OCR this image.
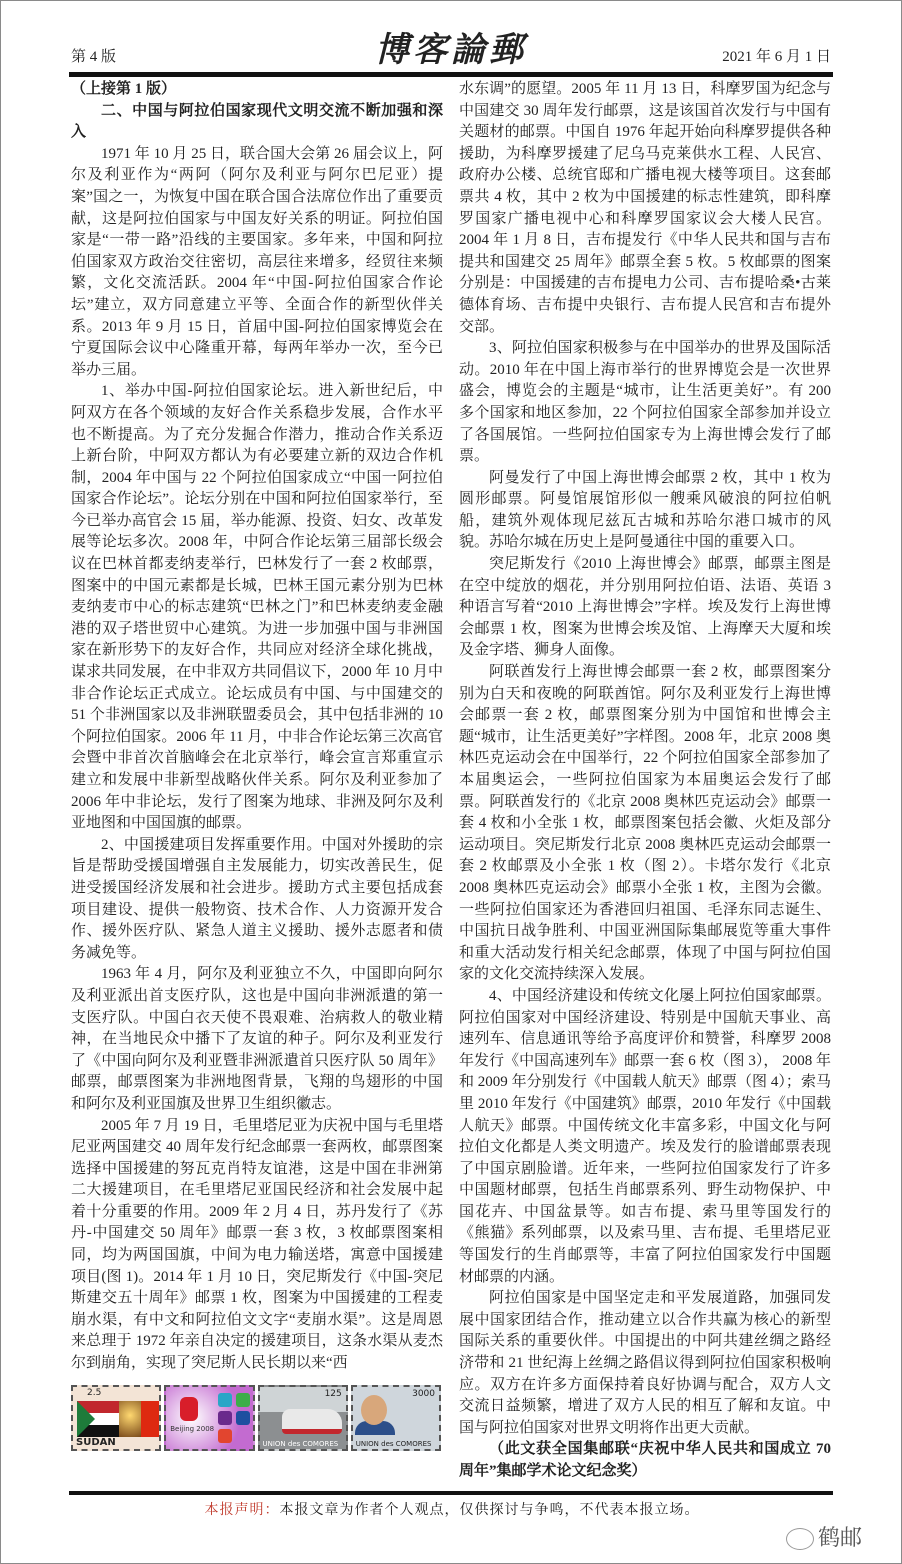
第 4 版	博客論郵	2021 年 6 月 1 日

（上接第 1 版）

二、中国与阿拉伯国家现代文明交流不断加强和深入

1971 年 10 月 25 日，联合国大会第 26 届会议上，阿尔及利亚作为“两阿（阿尔及利亚与阿尔巴尼亚）提案”国之一，为恢复中国在联合国合法席位作出了重要贡献，这是阿拉伯国家与中国友好关系的明证。阿拉伯国家是“一带一路”沿线的主要国家。多年来，中国和阿拉伯国家双方政治交往密切，高层往来增多，经贸往来频繁，文化交流活跃。2004 年“中国-阿拉伯国家合作论坛”建立，双方同意建立平等、全面合作的新型伙伴关系。2013 年 9 月 15 日，首届中国-阿拉伯国家博览会在宁夏国际会议中心隆重开幕，每两年举办一次，至今已举办三届。

1、举办中国-阿拉伯国家论坛。进入新世纪后，中阿双方在各个领域的友好合作关系稳步发展，合作水平也不断提高。为了充分发掘合作潜力，推动合作关系迈上新台阶，中阿双方都认为有必要建立新的双边合作机制，2004 年中国与 22 个阿拉伯国家成立“中国一阿拉伯国家合作论坛”。论坛分别在中国和阿拉伯国家举行，至今已举办高官会 15 届，举办能源、投资、妇女、改革发展等论坛多次。2008 年，中阿合作论坛第三届部长级会议在巴林首都麦纳麦举行，巴林发行了一套 2 枚邮票，图案中的中国元素都是长城，巴林王国元素分别为巴林麦纳麦市中心的标志建筑“巴林之门”和巴林麦纳麦金融港的双子塔世贸中心建筑。为进一步加强中国与非洲国家在新形势下的友好合作，共同应对经济全球化挑战，谋求共同发展，在中非双方共同倡议下，2000 年 10 月中非合作论坛正式成立。论坛成员有中国、与中国建交的 51 个非洲国家以及非洲联盟委员会，其中包括非洲的 10 个阿拉伯国家。2006 年 11 月，中非合作论坛第三次高官会暨中非首次首脑峰会在北京举行，峰会宣言郑重宣示建立和发展中非新型战略伙伴关系。阿尔及利亚参加了 2006 年中非论坛，发行了图案为地球、非洲及阿尔及利亚地图和中国国旗的邮票。

2、中国援建项目发挥重要作用。中国对外援助的宗旨是帮助受援国增强自主发展能力，切实改善民生，促进受援国经济发展和社会进步。援助方式主要包括成套项目建设、提供一般物资、技术合作、人力资源开发合作、援外医疗队、紧急人道主义援助、援外志愿者和债务减免等。

1963 年 4 月，阿尔及利亚独立不久，中国即向阿尔及利亚派出首支医疗队，这也是中国向非洲派遣的第一支医疗队。中国白衣天使不畏艰难、治病救人的敬业精神，在当地民众中播下了友谊的种子。阿尔及利亚发行了《中国向阿尔及利亚暨非洲派遣首只医疗队 50 周年》邮票，邮票图案为非洲地图背景，飞翔的鸟翅形的中国和阿尔及利亚国旗及世界卫生组织徽志。

2005 年 7 月 19 日，毛里塔尼亚为庆祝中国与毛里塔尼亚两国建交 40 周年发行纪念邮票一套两枚，邮票图案选择中国援建的努瓦克肖特友谊港，这是中国在非洲第二大援建项目，在毛里塔尼亚国民经济和社会发展中起着十分重要的作用。2009 年 2 月 4 日，苏丹发行了《苏丹-中国建交 50 周年》邮票一套 3 枚，3 枚邮票图案相同，均为两国国旗，中间为电力输送塔，寓意中国援建项目(图 1)。2014 年 1 月 10 日，突尼斯发行《中国-突尼斯建交五十周年》邮票 1 枚，图案为中国援建的工程麦崩水渠，有中文和阿拉伯文文字“麦崩水渠”。这是周恩来总理于 1972 年亲自决定的援建项目，这条水渠从麦杰尔到崩角，实现了突尼斯人民长期以来“西

2.5
SUDAN
Beijing 2008
125
UNION des COMORES
3000
UNION des COMORES

水东调”的愿望。2005 年 11 月 13 日，科摩罗国为纪念与中国建交 30 周年发行邮票，这是该国首次发行与中国有关题材的邮票。中国自 1976 年起开始向科摩罗提供各种援助，为科摩罗援建了尼乌马克莱供水工程、人民宫、政府办公楼、总统官邸和广播电视大楼等项目。这套邮票共 4 枚，其中 2 枚为中国援建的标志性建筑，即科摩罗国家广播电视中心和科摩罗国家议会大楼人民宫。2004 年 1 月 8 日，吉布提发行《中华人民共和国与吉布提共和国建交 25 周年》邮票全套 5 枚。5 枚邮票的图案分别是：中国援建的吉布提电力公司、吉布提哈桑•古莱德体育场、吉布提中央银行、吉布提人民宫和吉布提外交部。

3、阿拉伯国家积极参与在中国举办的世界及国际活动。2010 年在中国上海市举行的世界博览会是一次世界盛会，博览会的主题是“城市，让生活更美好”。有 200 多个国家和地区参加，22 个阿拉伯国家全部参加并设立了各国展馆。一些阿拉伯国家专为上海世博会发行了邮票。

阿曼发行了中国上海世博会邮票 2 枚，其中 1 枚为圆形邮票。阿曼馆展馆形似一艘乘风破浪的阿拉伯帆船，建筑外观体现尼兹瓦古城和苏哈尔港口城市的风貌。苏哈尔城在历史上是阿曼通往中国的重要入口。

突尼斯发行《2010 上海世博会》邮票，邮票主图是在空中绽放的烟花，并分别用阿拉伯语、法语、英语 3 种语言写着“2010 上海世博会”字样。埃及发行上海世博会邮票 1 枚，图案为世博会埃及馆、上海摩天大厦和埃及金字塔、狮身人面像。

阿联酋发行上海世博会邮票一套 2 枚，邮票图案分别为白天和夜晚的阿联酋馆。阿尔及利亚发行上海世博会邮票一套 2 枚，邮票图案分别为中国馆和世博会主题“城市，让生活更美好”字样图。2008 年，北京 2008 奥林匹克运动会在中国举行，22 个阿拉伯国家全部参加了本届奥运会，一些阿拉伯国家为本届奥运会发行了邮票。阿联酋发行的《北京 2008 奥林匹克运动会》邮票一套 4 枚和小全张 1 枚，邮票图案包括会徽、火炬及部分运动项目。突尼斯发行北京 2008 奥林匹克运动会邮票一套 2 枚邮票及小全张 1 枚（图 2）。卡塔尔发行《北京 2008 奥林匹克运动会》邮票小全张 1 枚，主图为会徽。一些阿拉伯国家还为香港回归祖国、毛泽东同志诞生、中国抗日战争胜利、中国亚洲国际集邮展览等重大事件和重大活动发行相关纪念邮票，体现了中国与阿拉伯国家的文化交流持续深入发展。

4、中国经济建设和传统文化屡上阿拉伯国家邮票。阿拉伯国家对中国经济建设、特别是中国航天事业、高速列车、信息通讯等给予高度评价和赞誉，科摩罗 2008 年发行《中国高速列车》邮票一套 6 枚（图 3）， 2008 年和 2009 年分别发行《中国载人航天》邮票（图 4）；索马里 2010 年发行《中国建筑》邮票，2010 年发行《中国载人航天》邮票。中国传统文化丰富多彩，中国文化与阿拉伯文化都是人类文明遗产。埃及发行的脸谱邮票表现了中国京剧脸谱。近年来，一些阿拉伯国家发行了许多中国题材邮票，包括生肖邮票系列、野生动物保护、中国花卉、中国盆景等。如吉布提、索马里等国发行的《熊猫》系列邮票，以及索马里、吉布提、毛里塔尼亚等国发行的生肖邮票等，丰富了阿拉伯国家发行中国题材邮票的内涵。

阿拉伯国家是中国坚定走和平发展道路，加强同发展中国家团结合作，推动建立以合作共赢为核心的新型国际关系的重要伙伴。中国提出的中阿共建丝绸之路经济带和 21 世纪海上丝绸之路倡议得到阿拉伯国家积极响应。双方在许多方面保持着良好协调与配合，双方人文交流日益频繁，增进了双方人民的相互了解和友谊。中国与阿拉伯国家对世界文明将作出更大贡献。

（此文获全国集邮联“庆祝中华人民共和国成立 70 周年”集邮学术论文纪念奖）

本报声明：本报文章为作者个人观点，仅供探讨与争鸣，不代表本报立场。
鹤邮
